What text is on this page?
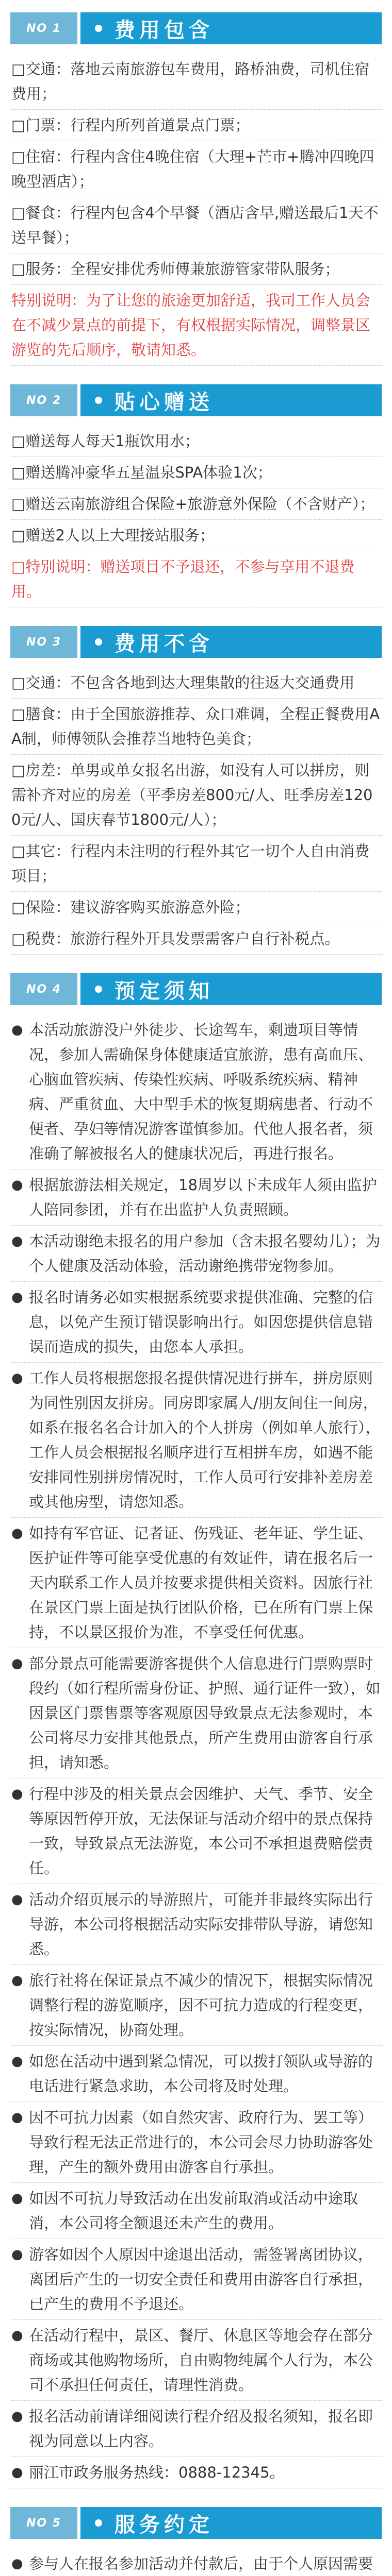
NO 1	费用包含
□交通：落地云南旅游包车费用，路桥油费，司机住宿费用；
□门票：行程内所列首道景点门票；
□住宿：行程内含住4晚住宿（大理+芒市+腾冲四晚四晚型酒店）；
□餐食：行程内包含4个早餐（酒店含早,赠送最后1天不送早餐）；
□服务：全程安排优秀师傅兼旅游管家带队服务；
特别说明：为了让您的旅途更加舒适，我司工作人员会在不减少景点的前提下，有权根据实际情况，调整景区游览的先后顺序，敬请知悉。
NO 2	贴心赠送
□赠送每人每天1瓶饮用水；
□赠送腾冲豪华五星温泉SPA体验1次；
□赠送云南旅游组合保险+旅游意外保险（不含财产）；
□赠送2人以上大理接站服务；
□特别说明：赠送项目不予退还，不参与享用不退费用。
NO 3	费用不含
□交通：不包含各地到达大理集散的往返大交通费用
□膳食：由于全国旅游推荐、众口难调，全程正餐费用AA制，师傅领队会推荐当地特色美食；
□房差：单男或单女报名出游，如没有人可以拼房，则需补齐对应的房差（平季房差800元/人、旺季房差1200元/人、国庆春节1800元/人）；
□其它：行程内未注明的行程外其它一切个人自由消费项目；
□保险：建议游客购买旅游意外险；
□税费：旅游行程外开具发票需客户自行补税点。
NO 4	预定须知
● 本活动旅游没户外徒步、长途驾车，剩遗项目等情况，参加人需确保身体健康适宜旅游，患有高血压、心脑血管疾病、传染性疾病、呼吸系统疾病、精神病、严重贫血、大中型手术的恢复期病患者、行动不便者、孕妇等情况游客谨慎参加。代他人报名者，须准确了解被报名人的健康状况后，再进行报名。
● 根据旅游法相关规定，18周岁以下未成年人须由监护人陪同参团，并有在出监护人负责照顾。
● 本活动谢绝未报名的用户参加（含未报名婴幼儿）；为个人健康及活动体验，活动谢绝携带宠物参加。
● 报名时请务必如实根据系统要求提供准确、完整的信息，以免产生预订错误影响出行。如因您提供信息错误而造成的损失，由您本人承担。
● 工作人员将根据您报名提供情况进行拼车，拼房原则为同性别因友拼房。同房即家属人/朋友间住一间房，如系在报名名合计加入的个人拼房（例如单人旅行），工作人员会根据报名顺序进行互相拼车房，如遇不能安排同性别拼房情况时，工作人员可行安排补差房差或其他房型，请您知悉。
● 如持有军官证、记者证、伤残证、老年证、学生证、医护证件等可能享受优惠的有效证件，请在报名后一天内联系工作人员并按要求提供相关资料。因旅行社在景区门票上面是执行团队价格，已在所有门票上保持，不以景区报价为准，不享受任何优惠。
● 部分景点可能需要游客提供个人信息进行门票购票时段约（如行程所需身份证、护照、通行证件一致），如因景区门票售票等客观原因导致景点无法参观时，本公司将尽力安排其他景点，所产生费用由游客自行承担，请知悉。
● 行程中涉及的相关景点会因维护、天气、季节、安全等原因暂停开放，无法保证与活动介绍中的景点保持一致，导致景点无法游览，本公司不承担退费赔偿责任。
● 活动介绍页展示的导游照片，可能并非最终实际出行导游，本公司将根据活动实际安排带队导游，请您知悉。
● 旅行社将在保证景点不减少的情况下，根据实际情况调整行程的游览顺序，因不可抗力造成的行程变更，按实际情况，协商处理。
● 如您在活动中遇到紧急情况，可以拨打领队或导游的电话进行紧急求助，本公司将及时处理。
● 因不可抗力因素（如自然灾害、政府行为、罢工等）导致行程无法正常进行的，本公司会尽力协助游客处理，产生的额外费用由游客自行承担。
● 如因不可抗力导致活动在出发前取消或活动中途取消，本公司将全额退还未产生的费用。
● 游客如因个人原因中途退出活动，需签署离团协议，离团后产生的一切安全责任和费用由游客自行承担，已产生的费用不予退还。
● 在活动行程中，景区、餐厅、休息区等地会存在部分商场或其他购物场所，自由购物纯属个人行为，本公司不承担任何责任，请理性消费。
● 报名活动前请详细阅读行程介绍及报名须知，报名即视为同意以上内容。
● 丽江市政务服务热线：0888-12345。
NO 5	服务约定
● 参与人在报名参加活动并付款后，由于个人原因需要
